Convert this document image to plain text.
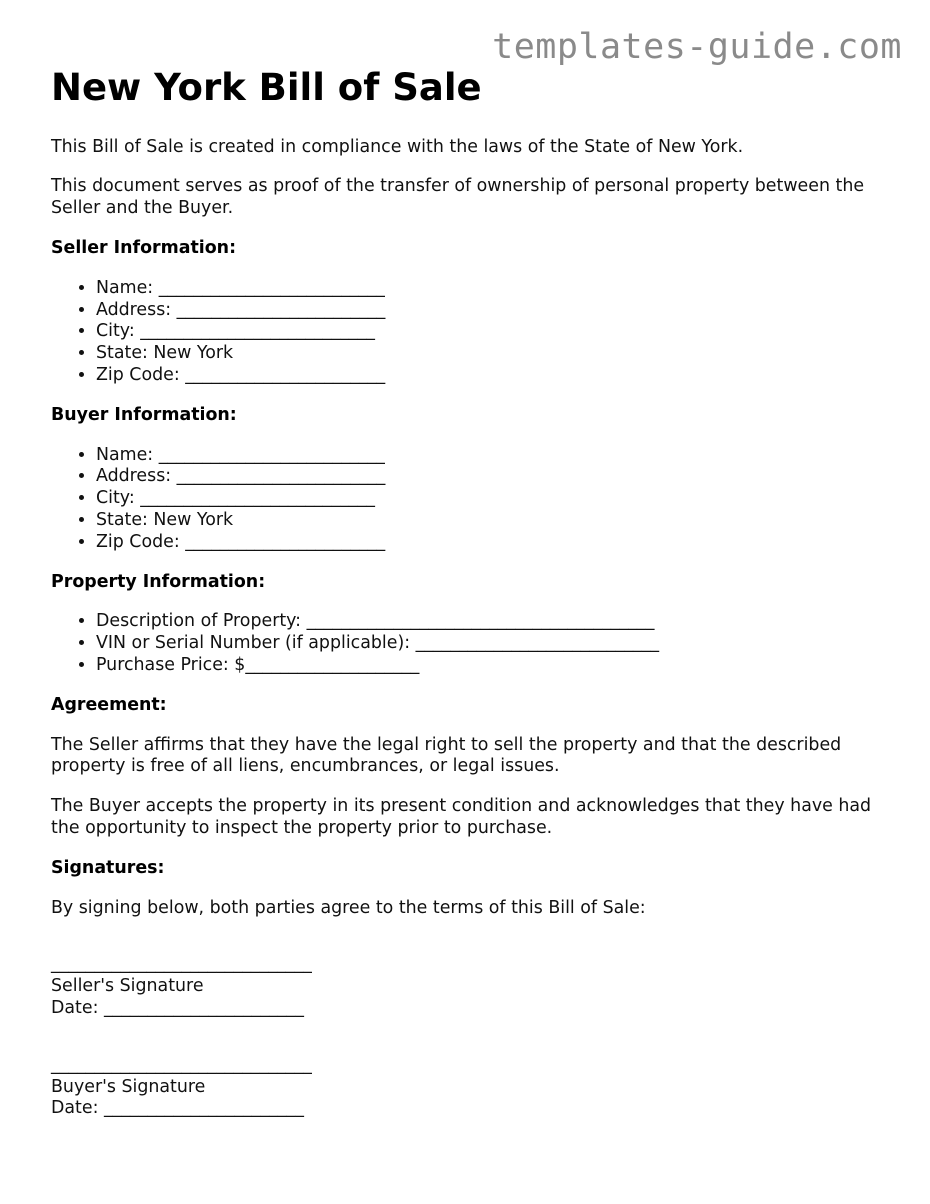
templates-guide.com
New York Bill of Sale

This Bill of Sale is created in compliance with the laws of the State of New York.

This document serves as proof of the transfer of ownership of personal property between the Seller and the Buyer.

Seller Information:
• Name: __________________________
• Address: ________________________
• City: ___________________________
• State: New York
• Zip Code: _______________________
Buyer Information:
• Name: __________________________
• Address: ________________________
• City: ___________________________
• State: New York
• Zip Code: _______________________
Property Information:
• Description of Property: ________________________________________
• VIN or Serial Number (if applicable): ____________________________
• Purchase Price: $____________________
Agreement:

The Seller affirms that they have the legal right to sell the property and that the described property is free of all liens, encumbrances, or legal issues.

The Buyer accepts the property in its present condition and acknowledges that they have had the opportunity to inspect the property prior to purchase.

Signatures:

By signing below, both parties agree to the terms of this Bill of Sale:

______________________________
Seller's Signature
Date: _______________________
______________________________
Buyer's Signature
Date: _______________________
